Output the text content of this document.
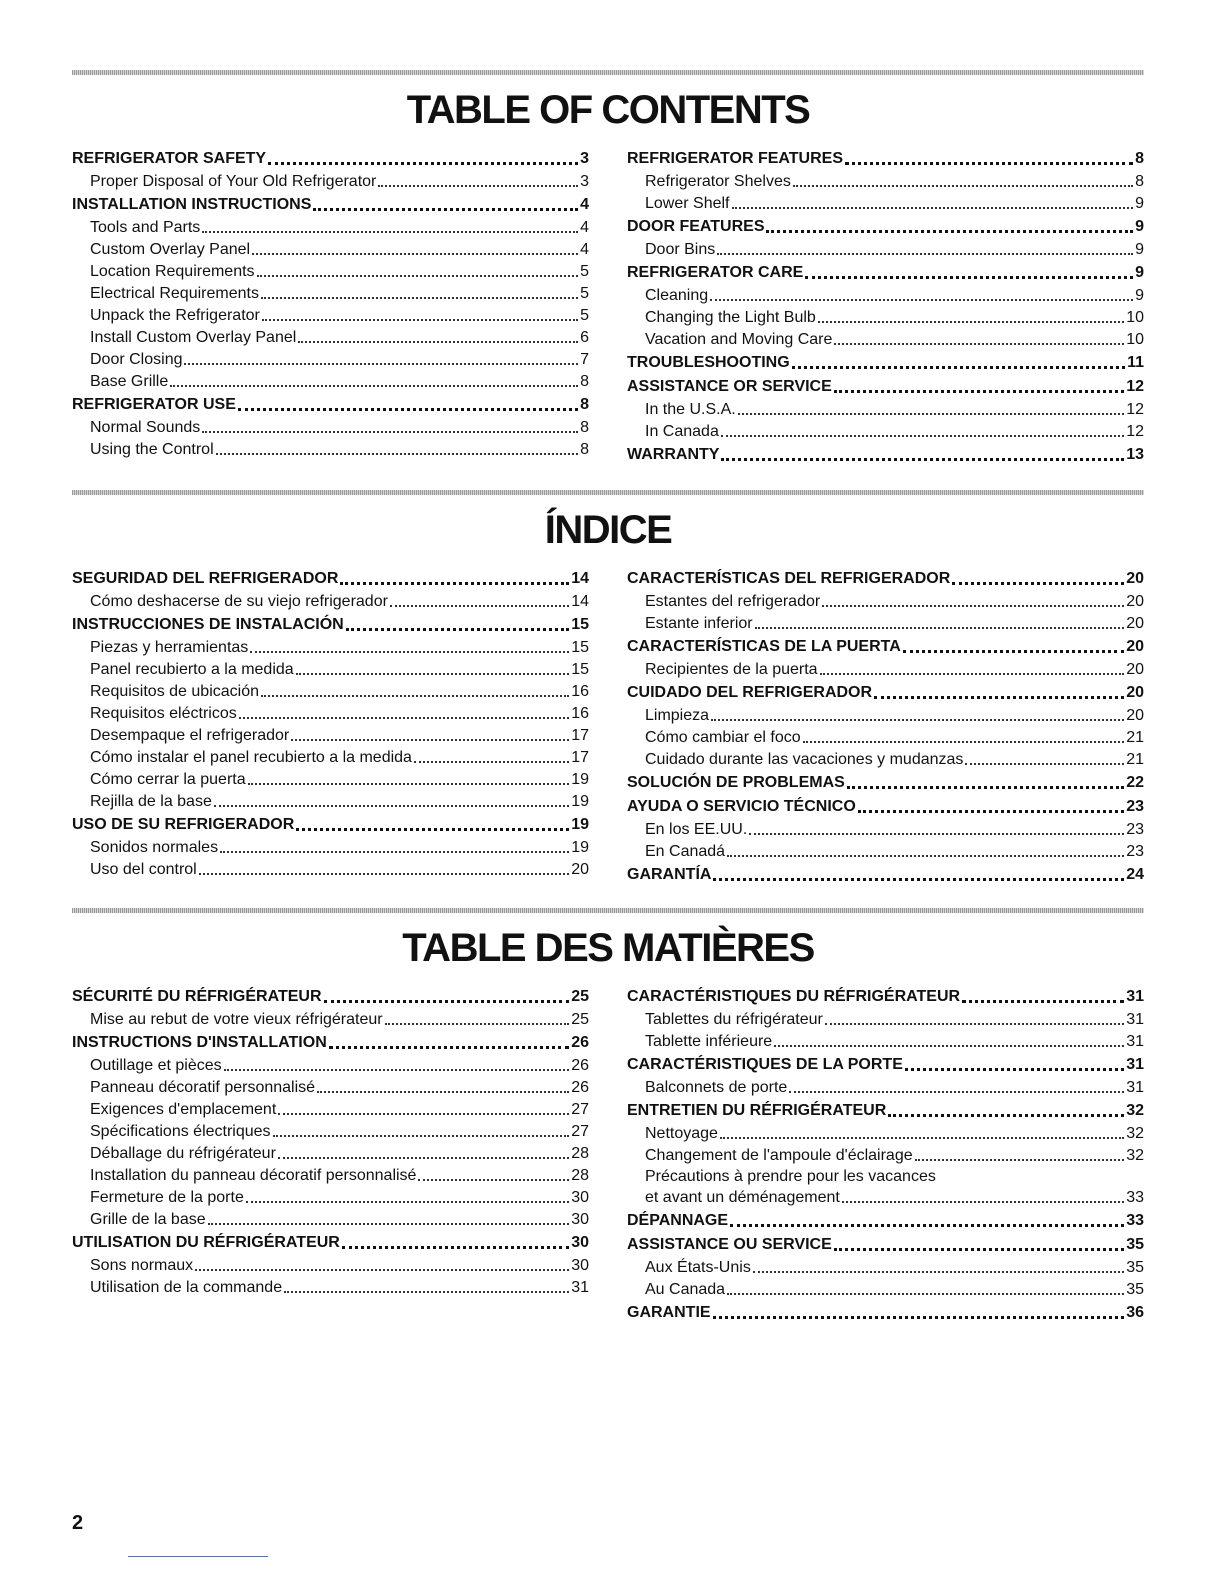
TABLE OF CONTENTS
REFRIGERATOR SAFETY	3
Proper Disposal of Your Old Refrigerator	3
INSTALLATION INSTRUCTIONS	4
Tools and Parts	4
Custom Overlay Panel	4
Location Requirements	5
Electrical Requirements	5
Unpack the Refrigerator	5
Install Custom Overlay Panel	6
Door Closing	7
Base Grille	8
REFRIGERATOR USE	8
Normal Sounds	8
Using the Control	8
REFRIGERATOR FEATURES	8
Refrigerator Shelves	8
Lower Shelf	9
DOOR FEATURES	9
Door Bins	9
REFRIGERATOR CARE	9
Cleaning	9
Changing the Light Bulb	10
Vacation and Moving Care	10
TROUBLESHOOTING	11
ASSISTANCE OR SERVICE	12
In the U.S.A.	12
In Canada	12
WARRANTY	13
ÍNDICE
SEGURIDAD DEL REFRIGERADOR	14
Cómo deshacerse de su viejo refrigerador	14
INSTRUCCIONES DE INSTALACIÓN	15
Piezas y herramientas	15
Panel recubierto a la medida	15
Requisitos de ubicación	16
Requisitos eléctricos	16
Desempaque el refrigerador	17
Cómo instalar el panel recubierto a la medida	17
Cómo cerrar la puerta	19
Rejilla de la base	19
USO DE SU REFRIGERADOR	19
Sonidos normales	19
Uso del control	20
CARACTERÍSTICAS DEL REFRIGERADOR	20
Estantes del refrigerador	20
Estante inferior	20
CARACTERÍSTICAS DE LA PUERTA	20
Recipientes de la puerta	20
CUIDADO DEL REFRIGERADOR	20
Limpieza	20
Cómo cambiar el foco	21
Cuidado durante las vacaciones y mudanzas	21
SOLUCIÓN DE PROBLEMAS	22
AYUDA O SERVICIO TÉCNICO	23
En los EE.UU.	23
En Canadá	23
GARANTÍA	24
TABLE DES MATIÈRES
SÉCURITÉ DU RÉFRIGÉRATEUR	25
Mise au rebut de votre vieux réfrigérateur	25
INSTRUCTIONS D'INSTALLATION	26
Outillage et pièces	26
Panneau décoratif personnalisé	26
Exigences d'emplacement	27
Spécifications électriques	27
Déballage du réfrigérateur	28
Installation du panneau décoratif personnalisé	28
Fermeture de la porte	30
Grille de la base	30
UTILISATION DU RÉFRIGÉRATEUR	30
Sons normaux	30
Utilisation de la commande	31
CARACTÉRISTIQUES DU RÉFRIGÉRATEUR	31
Tablettes du réfrigérateur	31
Tablette inférieure	31
CARACTÉRISTIQUES DE LA PORTE	31
Balconnets de porte	31
ENTRETIEN DU RÉFRIGÉRATEUR	32
Nettoyage	32
Changement de l'ampoule d'éclairage	32
Précautions à prendre pour les vacances
et avant un déménagement	33
DÉPANNAGE	33
ASSISTANCE OU SERVICE	35
Aux États-Unis	35
Au Canada	35
GARANTIE	36
2
